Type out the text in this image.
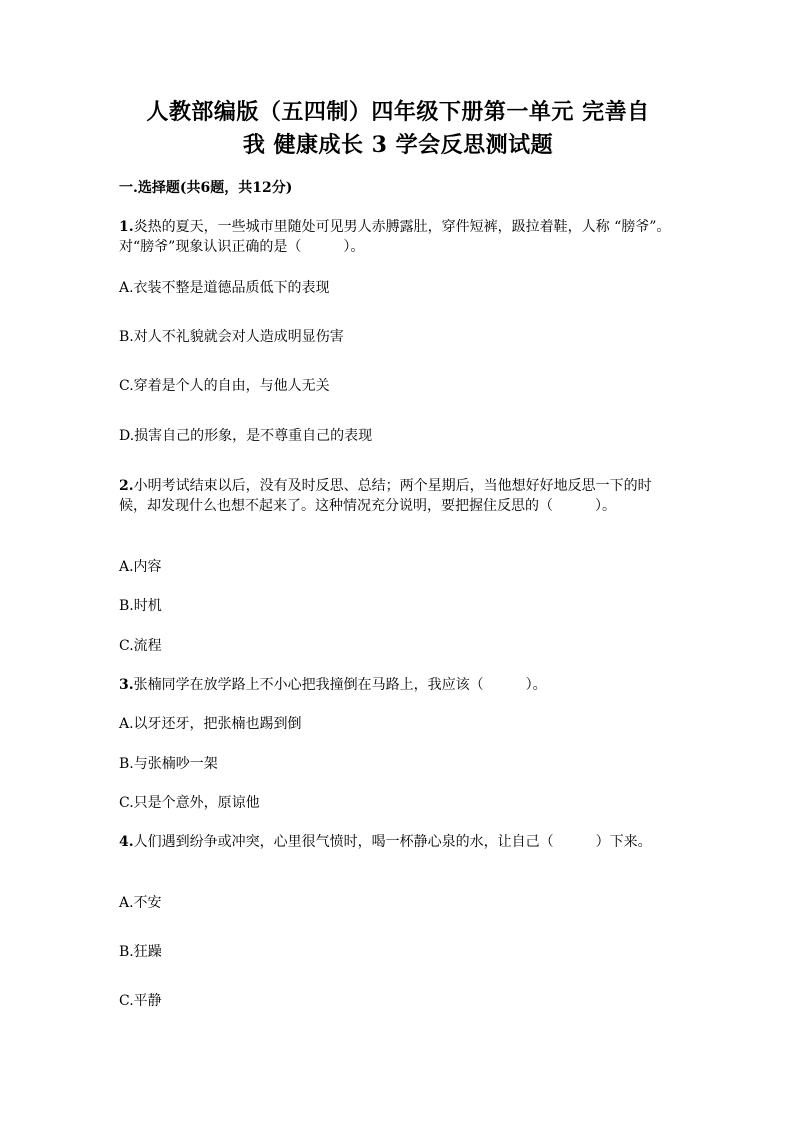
人教部编版（五四制）四年级下册第一单元 完善自
我 健康成长 3 学会反思测试题
一.选择题(共6题，共12分)
1.炎热的夏天，一些城市里随处可见男人赤膊露肚，穿件短裤，趿拉着鞋，人称 “膀爷”。对“膀爷”现象认识正确的是（　　　）。
A.衣装不整是道德品质低下的表现
B.对人不礼貌就会对人造成明显伤害
C.穿着是个人的自由，与他人无关
D.损害自己的形象，是不尊重自己的表现
2.小明考试结束以后，没有及时反思、总结；两个星期后，当他想好好地反思一下的时候，却发现什么也想不起来了。这种情况充分说明，要把握住反思的（　　　）。
A.内容
B.时机
C.流程
3.张楠同学在放学路上不小心把我撞倒在马路上，我应该（　　　）。
A.以牙还牙，把张楠也踢到倒
B.与张楠吵一架
C.只是个意外，原谅他
4.人们遇到纷争或冲突，心里很气愤时，喝一杯静心泉的水，让自己（　　　）下来。
A.不安
B.狂躁
C.平静
